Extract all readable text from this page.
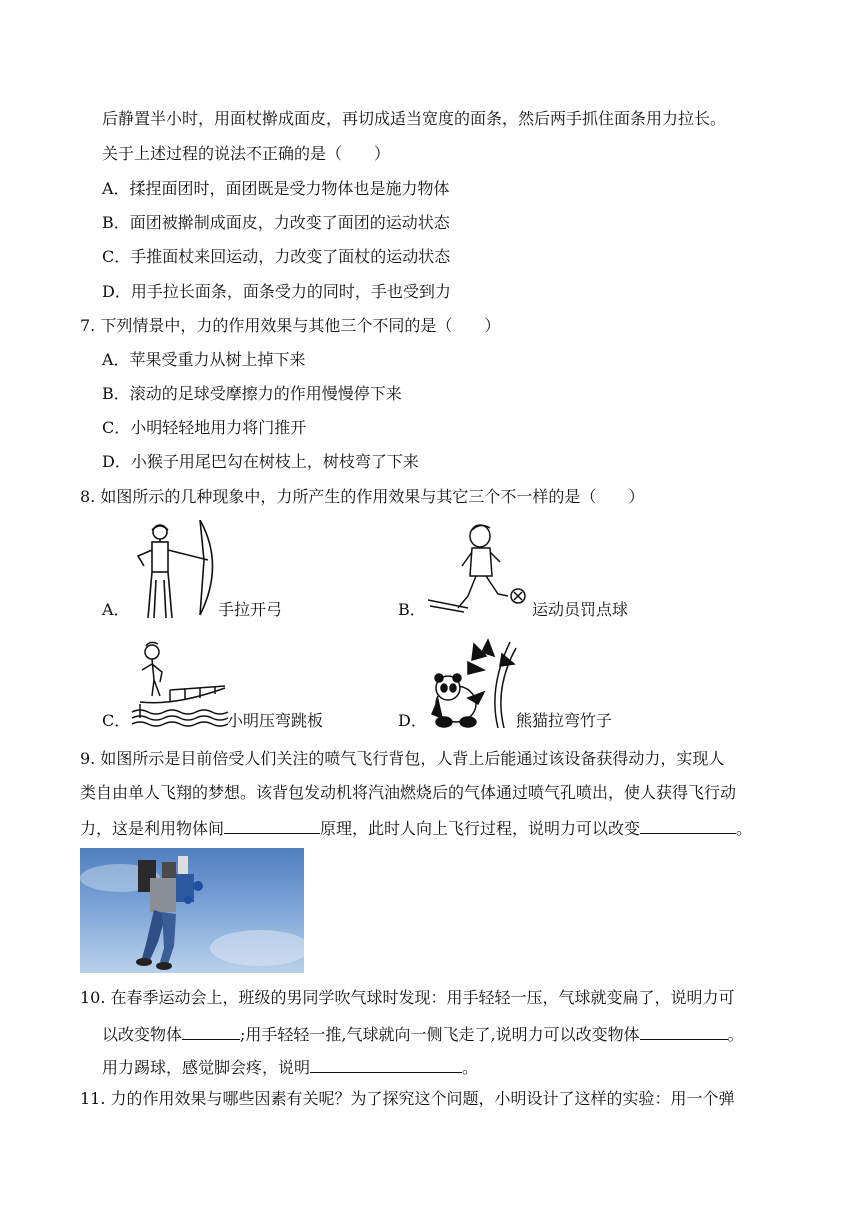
后静置半小时，用面杖擀成面皮，再切成适当宽度的面条，然后两手抓住面条用力拉长。
关于上述过程的说法不正确的是（　　）
A．揉捏面团时，面团既是受力物体也是施力物体
B．面团被擀制成面皮，力改变了面团的运动状态
C．手推面杖来回运动，力改变了面杖的运动状态
D．用手拉长面条，面条受力的同时，手也受到力
7. 下列情景中，力的作用效果与其他三个不同的是（　　）
A．苹果受重力从树上掉下来
B．滚动的足球受摩擦力的作用慢慢停下来
C．小明轻轻地用力将门推开
D．小猴子用尾巴勾在树枝上，树枝弯了下来
8. 如图所示的几种现象中，力所产生的作用效果与其它三个不一样的是（　　）
A．	手拉开弓	B．	运动员罚点球
C．	小明压弯跳板	D．	熊猫拉弯竹子
9. 如图所示是目前倍受人们关注的喷气飞行背包，人背上后能通过该设备获得动力，实现人
类自由单人飞翔的梦想。该背包发动机将汽油燃烧后的气体通过喷气孔喷出，使人获得飞行动
力，这是利用物体间	原理，此时人向上飞行过程，说明力可以改变	。
10. 在春季运动会上，班级的男同学吹气球时发现：用手轻轻一压，气球就变扁了，说明力可
以改变物体	;用手轻轻一推,气球就向一侧飞走了,说明力可以改变物体	。
用力踢球，感觉脚会疼，说明	。
11. 力的作用效果与哪些因素有关呢？为了探究这个问题，小明设计了这样的实验：用一个弹
